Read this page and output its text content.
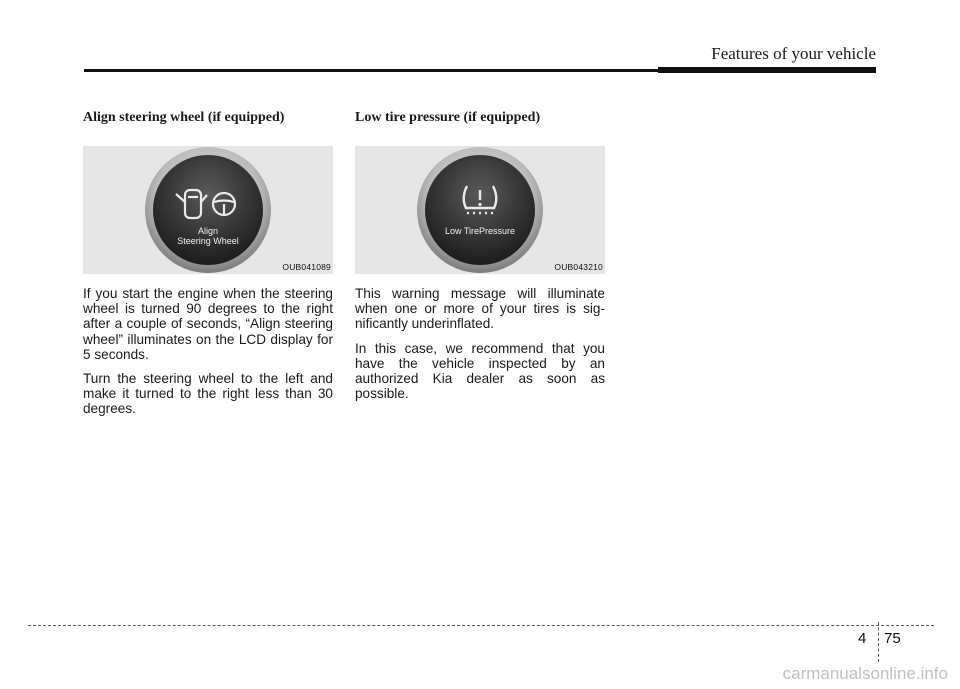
Features of your vehicle
Align steering wheel (if equipped)
Align
Steering Wheel
OUB041089

If you start the engine when the steering wheel is turned 90 degrees to the right after a couple of seconds, “Align steering wheel” illuminates on the LCD display for 5 seconds.

Turn the steering wheel to the left and make it turned to the right less than 30 degrees.

Low tire pressure (if equipped)
Low TirePressure
OUB043210

This warning message will illuminate when one or more of your tires is sig-nificantly underinflated.

In this case, we recommend that you have the vehicle inspected by an authorized Kia dealer as soon as possible.

4 75
carmanualsonline.info
